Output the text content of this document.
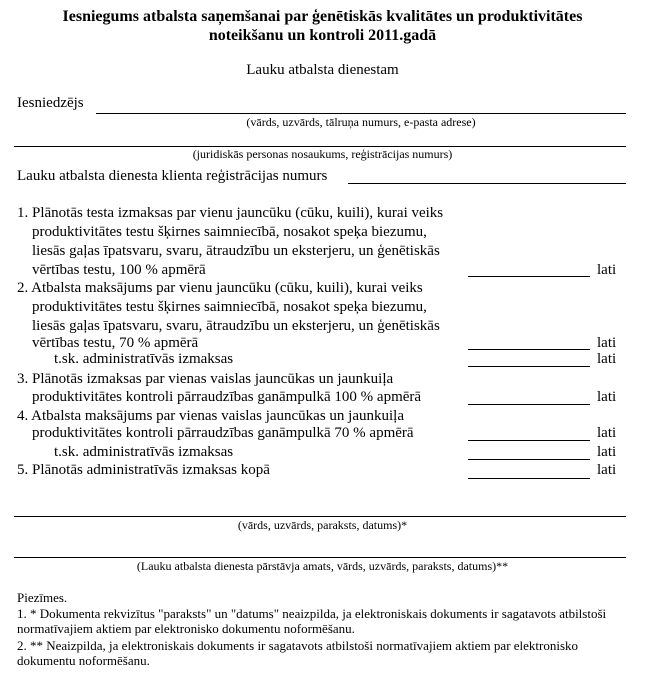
Iesniegums atbalsta saņemšanai par ģenētiskās kvalitātes un produktivitātes
noteikšanu un kontroli 2011.gadā
Lauku atbalsta dienestam
Iesniedzējs
(vārds, uzvārds, tālruņa numurs, e-pasta adrese)
(juridiskās personas nosaukums, reģistrācijas numurs)
Lauku atbalsta dienesta klienta reģistrācijas numurs
1. Plānotās testa izmaksas par vienu jauncūku (cūku, kuili), kurai veiks
produktivitātes testu šķirnes saimniecībā, nosakot speķa biezumu,
liesās gaļas īpatsvaru, svaru, ātraudzību un eksterjeru, un ģenētiskās
vērtības testu, 100 % apmērā	lati
2. Atbalsta maksājums par vienu jauncūku (cūku, kuili), kurai veiks
produktivitātes testu šķirnes saimniecībā, nosakot speķa biezumu,
liesās gaļas īpatsvaru, svaru, ātraudzību un eksterjeru, un ģenētiskās
vērtības testu, 70 % apmērā	lati
t.sk. administratīvās izmaksas	lati
3. Plānotās izmaksas par vienas vaislas jauncūkas un jaunkuiļa
produktivitātes kontroli pārraudzības ganāmpulkā 100 % apmērā	lati
4. Atbalsta maksājums par vienas vaislas jauncūkas un jaunkuiļa
produktivitātes kontroli pārraudzības ganāmpulkā 70 % apmērā	lati
t.sk. administratīvās izmaksas	lati
5. Plānotās administratīvās izmaksas kopā	lati
(vārds, uzvārds, paraksts, datums)*
(Lauku atbalsta dienesta pārstāvja amats, vārds, uzvārds, paraksts, datums)**
Piezīmes.
1. * Dokumenta rekvizītus "paraksts" un "datums" neaizpilda, ja elektroniskais dokuments ir sagatavots atbilstoši
normatīvajiem aktiem par elektronisko dokumentu noformēšanu.
2. ** Neaizpilda, ja elektroniskais dokuments ir sagatavots atbilstoši normatīvajiem aktiem par elektronisko
dokumentu noformēšanu.
